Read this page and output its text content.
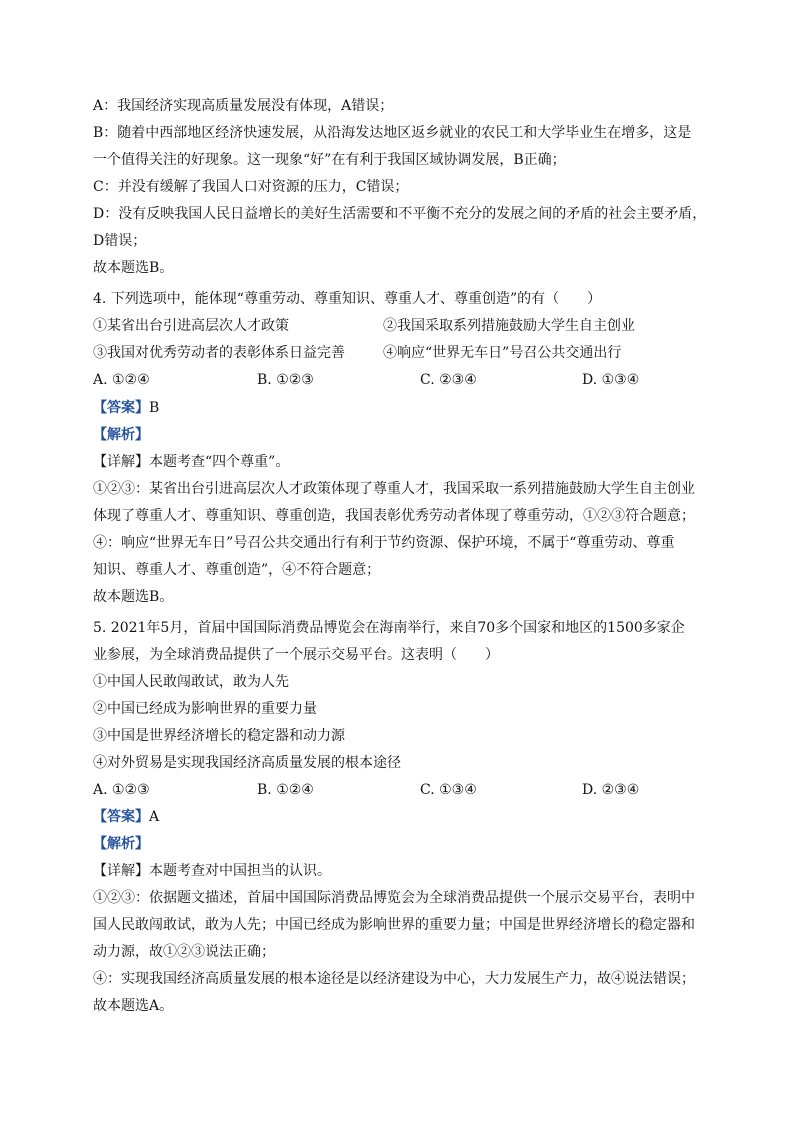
A：我国经济实现高质量发展没有体现，A错误；
B：随着中西部地区经济快速发展，从沿海发达地区返乡就业的农民工和大学毕业生在增多，这是
一个值得关注的好现象。这一现象“好”在有利于我国区域协调发展，B正确；
C：并没有缓解了我国人口对资源的压力，C错误；
D：没有反映我国人民日益增长的美好生活需要和不平衡不充分的发展之间的矛盾的社会主要矛盾，
D错误；
故本题选B。
4. 下列选项中，能体现“尊重劳动、尊重知识、尊重人才、尊重创造”的有（　　）
①某省出台引进高层次人才政策	②我国采取系列措施鼓励大学生自主创业
③我国对优秀劳动者的表彰体系日益完善	④响应“世界无车日”号召公共交通出行
A. ①②④	B. ①②③	C. ②③④	D. ①③④
【答案】B
【解析】
【详解】本题考查“四个尊重”。
①②③：某省出台引进高层次人才政策体现了尊重人才，我国采取一系列措施鼓励大学生自主创业
体现了尊重人才、尊重知识、尊重创造，我国表彰优秀劳动者体现了尊重劳动，①②③符合题意；
④：响应“世界无车日”号召公共交通出行有利于节约资源、保护环境，不属于“尊重劳动、尊重
知识、尊重人才、尊重创造”，④不符合题意；
故本题选B。
5. 2021年5月，首届中国国际消费品博览会在海南举行，来自70多个国家和地区的1500多家企
业参展，为全球消费品提供了一个展示交易平台。这表明（　　）
①中国人民敢闯敢试，敢为人先
②中国已经成为影响世界的重要力量
③中国是世界经济增长的稳定器和动力源
④对外贸易是实现我国经济高质量发展的根本途径
A. ①②③	B. ①②④	C. ①③④	D. ②③④
【答案】A
【解析】
【详解】本题考查对中国担当的认识。
①②③：依据题文描述，首届中国国际消费品博览会为全球消费品提供一个展示交易平台，表明中
国人民敢闯敢试，敢为人先；中国已经成为影响世界的重要力量；中国是世界经济增长的稳定器和
动力源，故①②③说法正确；
④：实现我国经济高质量发展的根本途径是以经济建设为中心，大力发展生产力，故④说法错误；
故本题选A。
